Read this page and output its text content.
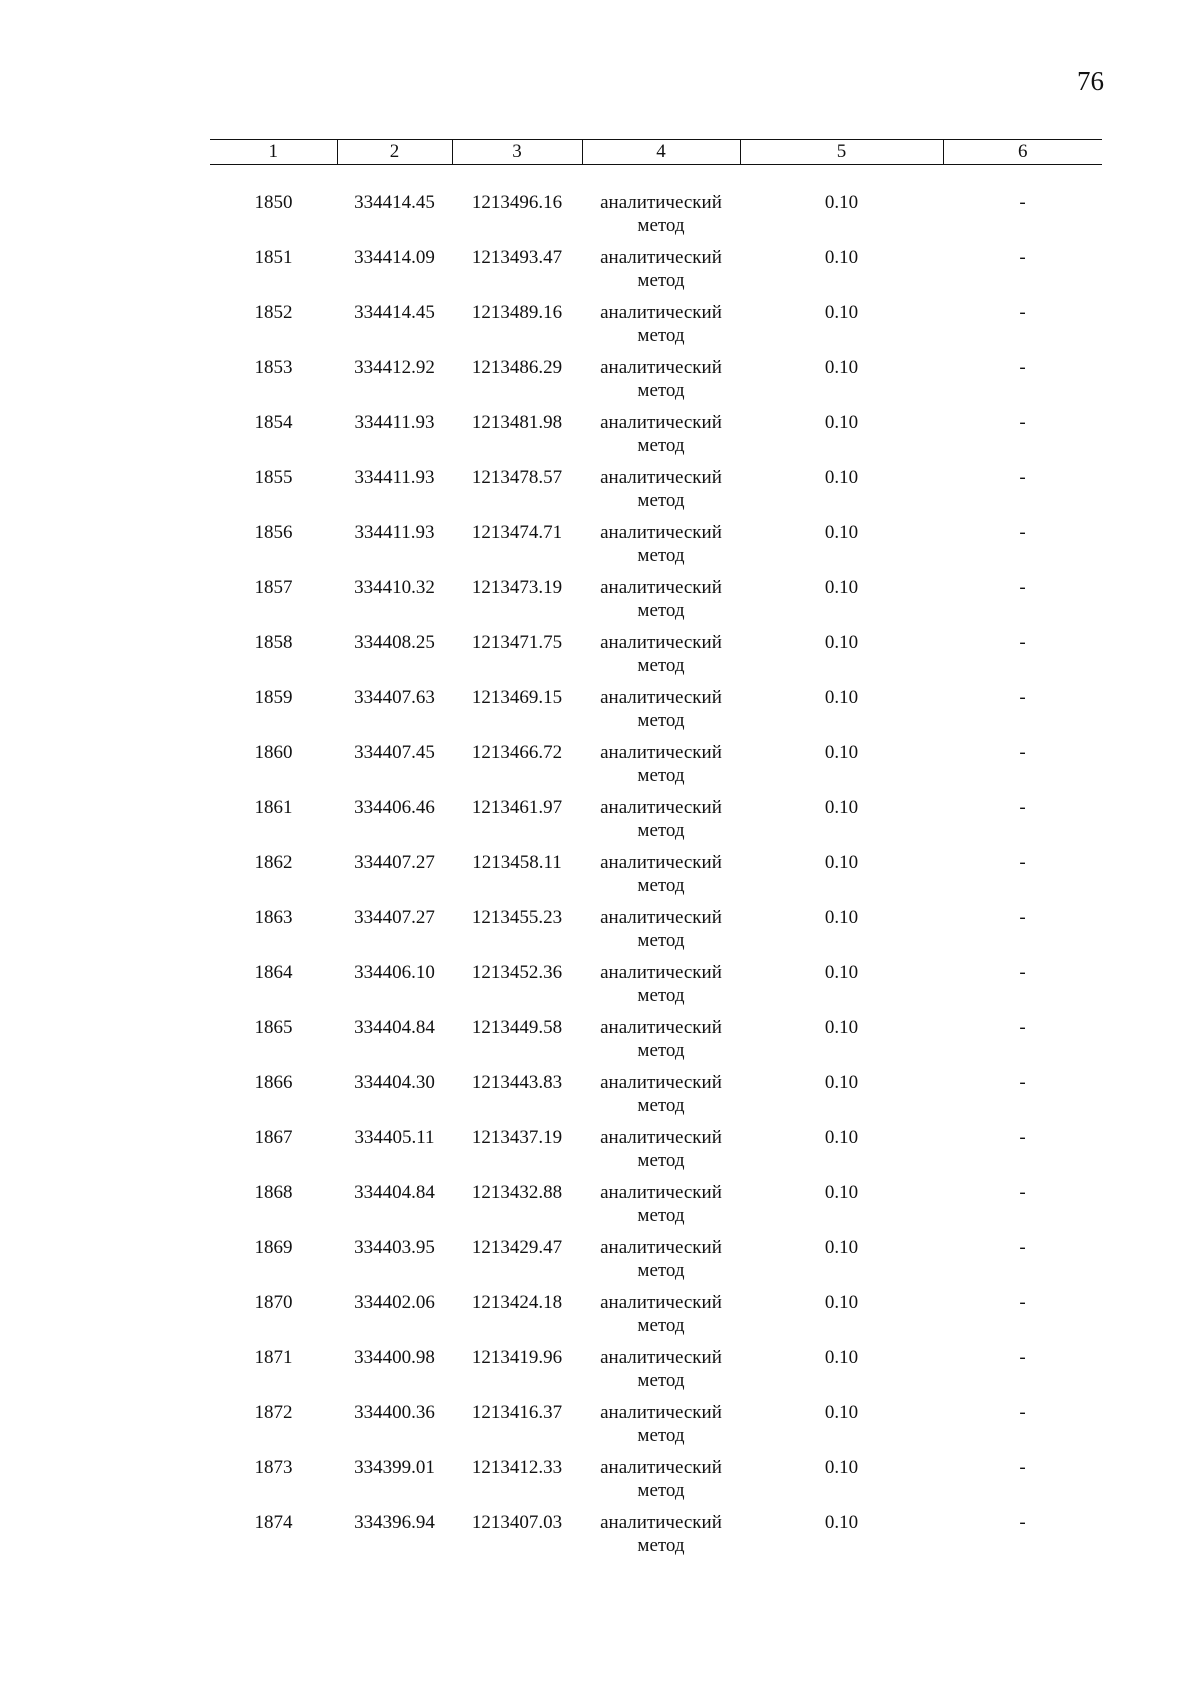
76
1	2	3	4	5	6

1850	334414.45	1213496.16	аналитический метод	0.10	-
1851	334414.09	1213493.47	аналитический метод	0.10	-
1852	334414.45	1213489.16	аналитический метод	0.10	-
1853	334412.92	1213486.29	аналитический метод	0.10	-
1854	334411.93	1213481.98	аналитический метод	0.10	-
1855	334411.93	1213478.57	аналитический метод	0.10	-
1856	334411.93	1213474.71	аналитический метод	0.10	-
1857	334410.32	1213473.19	аналитический метод	0.10	-
1858	334408.25	1213471.75	аналитический метод	0.10	-
1859	334407.63	1213469.15	аналитический метод	0.10	-
1860	334407.45	1213466.72	аналитический метод	0.10	-
1861	334406.46	1213461.97	аналитический метод	0.10	-
1862	334407.27	1213458.11	аналитический метод	0.10	-
1863	334407.27	1213455.23	аналитический метод	0.10	-
1864	334406.10	1213452.36	аналитический метод	0.10	-
1865	334404.84	1213449.58	аналитический метод	0.10	-
1866	334404.30	1213443.83	аналитический метод	0.10	-
1867	334405.11	1213437.19	аналитический метод	0.10	-
1868	334404.84	1213432.88	аналитический метод	0.10	-
1869	334403.95	1213429.47	аналитический метод	0.10	-
1870	334402.06	1213424.18	аналитический метод	0.10	-
1871	334400.98	1213419.96	аналитический метод	0.10	-
1872	334400.36	1213416.37	аналитический метод	0.10	-
1873	334399.01	1213412.33	аналитический метод	0.10	-
1874	334396.94	1213407.03	аналитический метод	0.10	-
